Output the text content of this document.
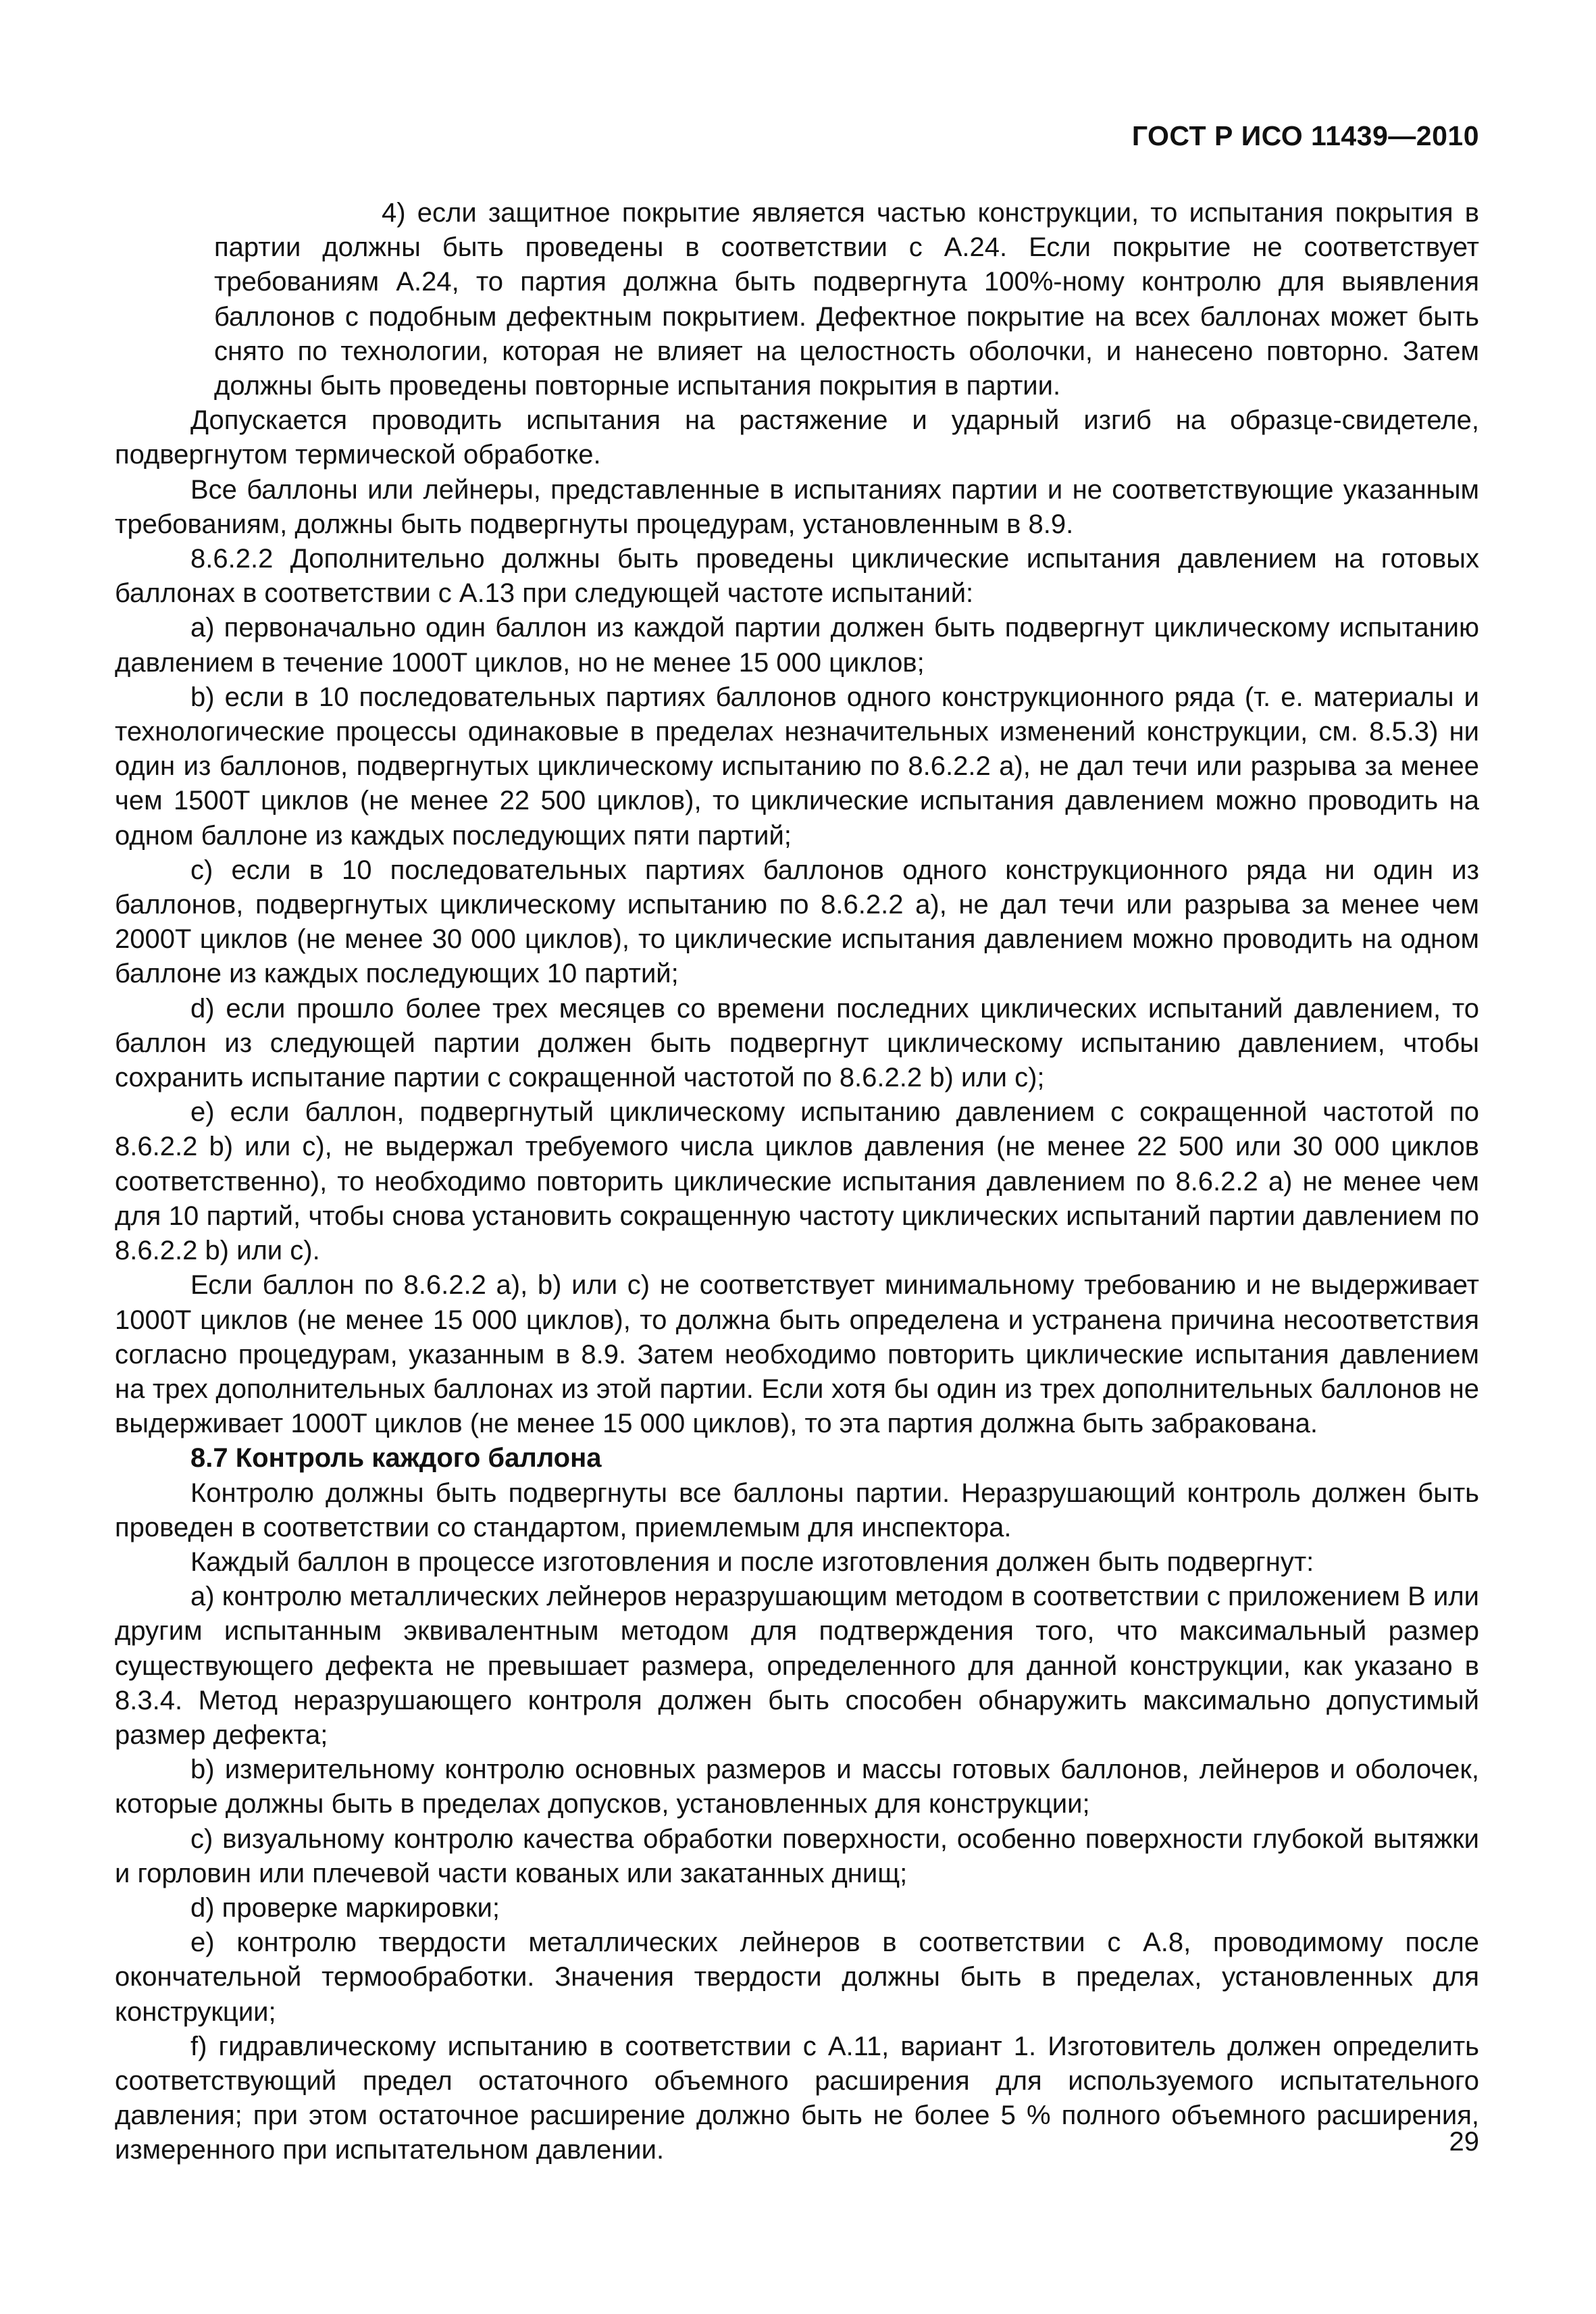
ГОСТ Р ИСО 11439—2010

4) если защитное покрытие является частью конструкции, то испытания покрытия в партии должны быть проведены в соответствии с А.24. Если покрытие не соответствует требованиям А.24, то партия должна быть подвергнута 100%-ному контролю для выявления баллонов с подобным дефектным покрытием. Дефектное покрытие на всех баллонах может быть снято по технологии, которая не влияет на целостность оболочки, и нанесено повторно. Затем должны быть проведены повторные испытания покрытия в партии.

Допускается проводить испытания на растяжение и ударный изгиб на образце-свидетеле, подвергнутом термической обработке.

Все баллоны или лейнеры, представленные в испытаниях партии и не соответствующие указанным требованиям, должны быть подвергнуты процедурам, установленным в 8.9.

8.6.2.2 Дополнительно должны быть проведены циклические испытания давлением на готовых баллонах в соответствии с А.13 при следующей частоте испытаний:

a) первоначально один баллон из каждой партии должен быть подвергнут циклическому испытанию давлением в течение 1000T циклов, но не менее 15 000 циклов;

b) если в 10 последовательных партиях баллонов одного конструкционного ряда (т. е. материалы и технологические процессы одинаковые в пределах незначительных изменений конструкции, см. 8.5.3) ни один из баллонов, подвергнутых циклическому испытанию по 8.6.2.2 а), не дал течи или разрыва за менее чем 1500T циклов (не менее 22 500 циклов), то циклические испытания давлением можно проводить на одном баллоне из каждых последующих пяти партий;

c) если в 10 последовательных партиях баллонов одного конструкционного ряда ни один из баллонов, подвергнутых циклическому испытанию по 8.6.2.2 а), не дал течи или разрыва за менее чем 2000T циклов (не менее 30 000 циклов), то циклические испытания давлением можно проводить на одном баллоне из каждых последующих 10 партий;

d) если прошло более трех месяцев со времени последних циклических испытаний давлением, то баллон из следующей партии должен быть подвергнут циклическому испытанию давлением, чтобы сохранить испытание партии с сокращенной частотой по 8.6.2.2 b) или c);

e) если баллон, подвергнутый циклическому испытанию давлением с сокращенной частотой по 8.6.2.2 b) или c), не выдержал требуемого числа циклов давления (не менее 22 500 или 30 000 циклов соответственно), то необходимо повторить циклические испытания давлением по 8.6.2.2 а) не менее чем для 10 партий, чтобы снова установить сокращенную частоту циклических испытаний партии давлением по 8.6.2.2 b) или c).

Если баллон по 8.6.2.2 а), b) или c) не соответствует минимальному требованию и не выдерживает 1000T циклов (не менее 15 000 циклов), то должна быть определена и устранена причина несоответствия согласно процедурам, указанным в 8.9. Затем необходимо повторить циклические испытания давлением на трех дополнительных баллонах из этой партии. Если хотя бы один из трех дополнительных баллонов не выдерживает 1000T циклов (не менее 15 000 циклов), то эта партия должна быть забракована.

8.7 Контроль каждого баллона

Контролю должны быть подвергнуты все баллоны партии. Неразрушающий контроль должен быть проведен в соответствии со стандартом, приемлемым для инспектора.

Каждый баллон в процессе изготовления и после изготовления должен быть подвергнут:

a) контролю металлических лейнеров неразрушающим методом в соответствии с приложением В или другим испытанным эквивалентным методом для подтверждения того, что максимальный размер существующего дефекта не превышает размера, определенного для данной конструкции, как указано в 8.3.4. Метод неразрушающего контроля должен быть способен обнаружить максимально допустимый размер дефекта;

b) измерительному контролю основных размеров и массы готовых баллонов, лейнеров и оболочек, которые должны быть в пределах допусков, установленных для конструкции;

c) визуальному контролю качества обработки поверхности, особенно поверхности глубокой вытяжки и горловин или плечевой части кованых или закатанных днищ;

d) проверке маркировки;

e) контролю твердости металлических лейнеров в соответствии с А.8, проводимому после окончательной термообработки. Значения твердости должны быть в пределах, установленных для конструкции;

f) гидравлическому испытанию в соответствии с А.11, вариант 1. Изготовитель должен определить соответствующий предел остаточного объемного расширения для используемого испытательного давления; при этом остаточное расширение должно быть не более 5 % полного объемного расширения, измеренного при испытательном давлении.	29
